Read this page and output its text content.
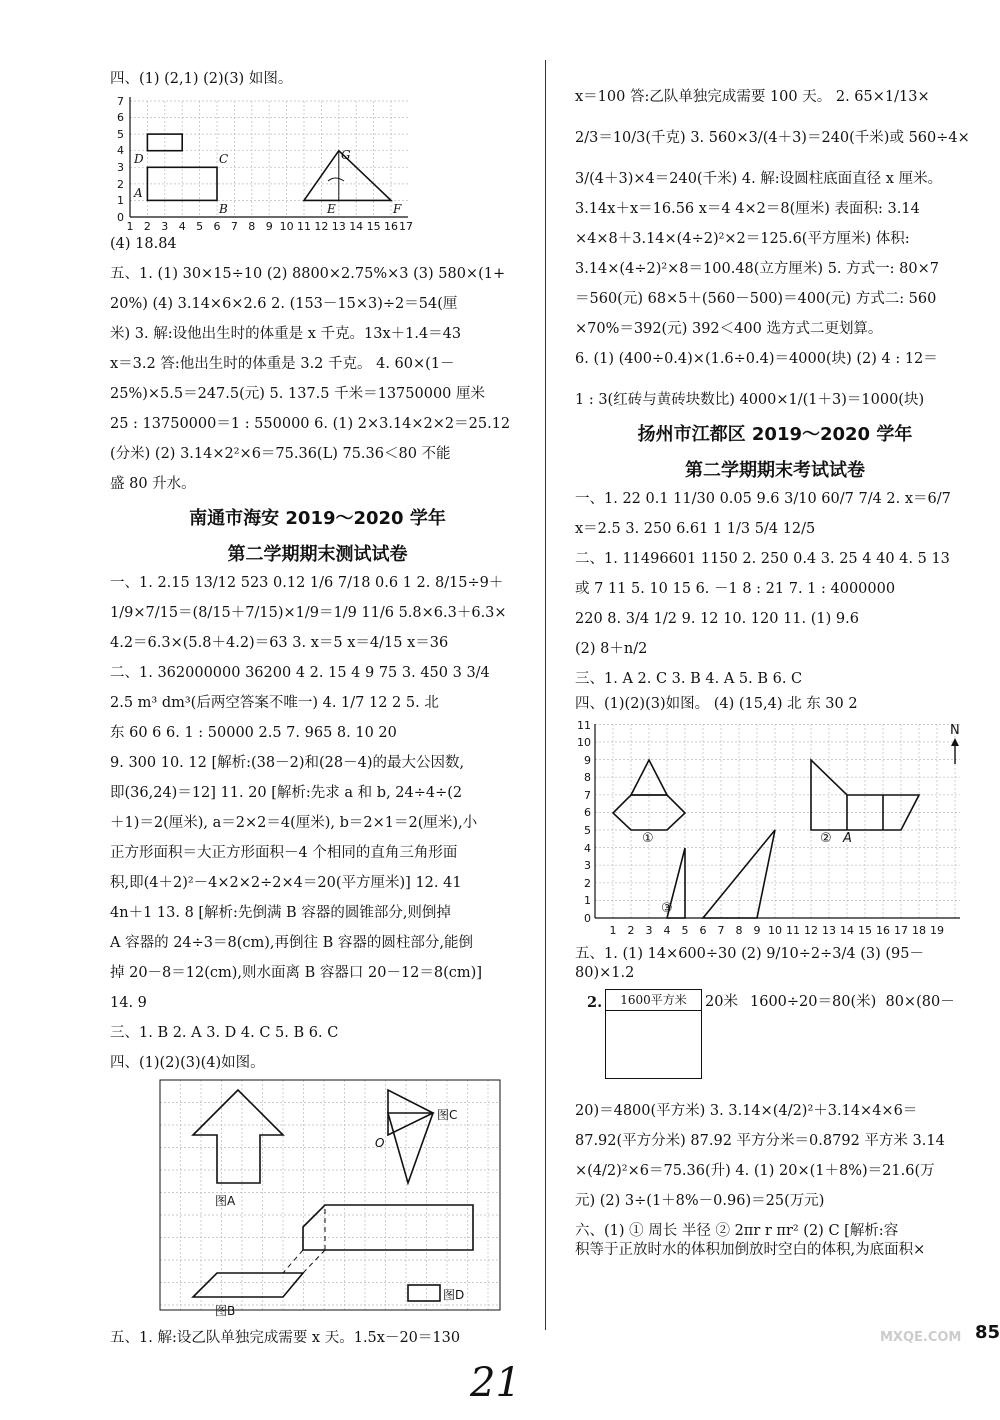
四、(1) (2,1) (2)(3) 如图。

0
1
2
3
4
5
6
7
1 2 3 4 5 6 7 8 9 10 11 12 13 14 15 16 17
A
B
C
D
E	F
G

(4) 18.84

五、1. (1) 30×15÷10 (2) 8800×2.75%×3 (3) 580×(1+

20%) (4) 3.14×6×2.6 2. (153－15×3)÷2＝54(厘

米) 3. 解:设他出生时的体重是 x 千克。13x＋1.4＝43

x＝3.2 答:他出生时的体重是 3.2 千克。 4. 60×(1－

25%)×5.5＝247.5(元) 5. 137.5 千米＝13750000 厘米

25 : 13750000＝1 : 550000 6. (1) 2×3.14×2×2＝25.12

(分米) (2) 3.14×2²×6＝75.36(L) 75.36＜80 不能

盛 80 升水。

南通市海安 2019～2020 学年
第二学期期末测试试卷

一、1. 2.15 13/12 523 0.12 1/6 7/18 0.6 1 2. 8/15÷9＋

1/9×7/15＝(8/15＋7/15)×1/9＝1/9 11/6 5.8×6.3＋6.3×

4.2＝6.3×(5.8＋4.2)＝63 3. x＝5 x＝4/15 x＝36

二、1. 362000000 36200 4 2. 15 4 9 75 3. 450 3 3/4

2.5 m³ dm³(后两空答案不唯一) 4. 1/7 12 2 5. 北

东 60 6 6. 1 : 50000 2.5 7. 965 8. 10 20

9. 300 10. 12 [解析:(38－2)和(28－4)的最大公因数,

即(36,24)＝12] 11. 20 [解析:先求 a 和 b, 24÷4÷(2

＋1)＝2(厘米), a＝2×2＝4(厘米), b＝2×1＝2(厘米),小

正方形面积＝大正方形面积－4 个相同的直角三角形面

积,即(4＋2)²－4×2×2÷2×4＝20(平方厘米)] 12. 41

4n＋1 13. 8 [解析:先倒满 B 容器的圆锥部分,则倒掉

A 容器的 24÷3＝8(cm),再倒往 B 容器的圆柱部分,能倒

掉 20－8＝12(cm),则水面离 B 容器口 20－12＝8(cm)]

14. 9

三、1. B 2. A 3. D 4. C 5. B 6. C

四、(1)(2)(3)(4)如图。

O
图A
图B
图C
图D

五、1. 解:设乙队单独完成需要 x 天。1.5x－20＝130

x＝100 答:乙队单独完成需要 100 天。 2. 65×1/13×

2/3＝10/3(千克) 3. 560×3/(4＋3)＝240(千米)或 560÷4×

3/(4＋3)×4＝240(千米) 4. 解:设圆柱底面直径 x 厘米。

3.14x＋x＝16.56 x＝4 4×2＝8(厘米) 表面积: 3.14

×4×8＋3.14×(4÷2)²×2＝125.6(平方厘米) 体积:

3.14×(4÷2)²×8＝100.48(立方厘米) 5. 方式一: 80×7

＝560(元) 68×5＋(560－500)＝400(元) 方式二: 560

×70%＝392(元) 392＜400 选方式二更划算。

6. (1) (400÷0.4)×(1.6÷0.4)＝4000(块) (2) 4 : 12＝

1 : 3(红砖与黄砖块数比) 4000×1/(1＋3)＝1000(块)

扬州市江都区 2019～2020 学年
第二学期期末考试试卷

一、1. 22 0.1 11/30 0.05 9.6 3/10 60/7 7/4 2. x＝6/7

x＝2.5 3. 250 6.61 1 1/3 5/4 12/5

二、1. 11496601 1150 2. 250 0.4 3. 25 4 40 4. 5 13

或 7 11 5. 10 15 6. －1 8 : 21 7. 1 : 4000000

220 8. 3/4 1/2 9. 12 10. 120 11. (1) 9.6

(2) 8＋n/2

三、1. A 2. C 3. B 4. A 5. B 6. C

四、(1)(2)(3)如图。 (4) (15,4) 北 东 30 2

0
1
2
3
4
5
6
7
8
9
10
11
1 2 3 4 5 6 7 8 9 10 11 12 13 14 15 16 17 18 19
①	② A
③
N

五、1. (1) 14×600÷30 (2) 9/10÷2÷3/4 (3) (95－80)×1.2

2.	1600平方米	20米 1600÷20＝80(米)  80×(80－

20)＝4800(平方米) 3. 3.14×(4/2)²＋3.14×4×6＝

87.92(平方分米) 87.92 平方分米＝0.8792 平方米 3.14

×(4/2)²×6＝75.36(升) 4. (1) 20×(1＋8%)＝21.6(万

元) (2) 3÷(1＋8%－0.96)＝25(万元)

六、(1) ① 周长 半径 ② 2πr r πr² (2) C [解析:容

积等于正放时水的体积加倒放时空白的体积,为底面积×

85
21
MXQE.COM
